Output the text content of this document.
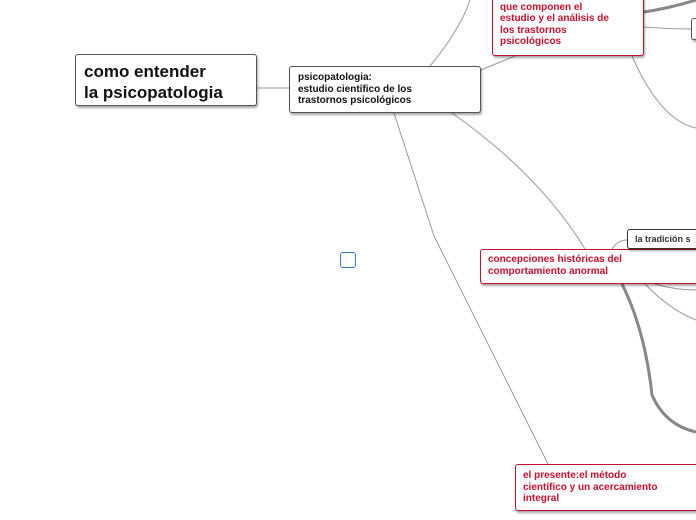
como entender
la psicopatologia
psicopatologia:
estudio científico de los
trastornos psicológicos

que componen el
estudio y el análisis de
los trastornos
psicológicos
concepciones históricas del
comportamiento anormal
la tradición s
el presente:el método
científico y un acercamiento
integral
